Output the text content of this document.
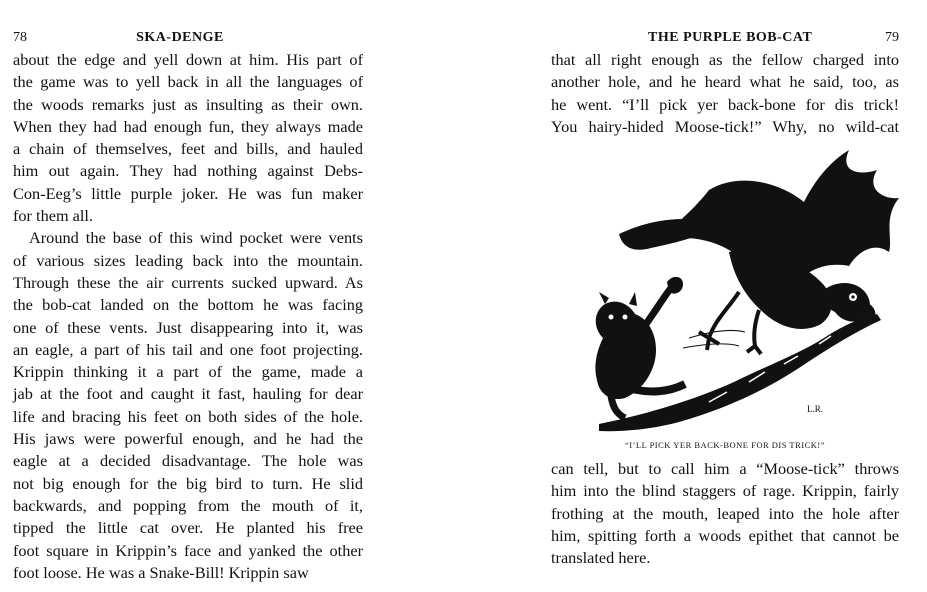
78	SKA-DENGE
about the edge and yell down at him. His part of
the game was to yell back in all the languages of
the woods remarks just as insulting as their own.
When they had had enough fun, they always made
a chain of themselves, feet and bills, and hauled
him out again. They had nothing against Debs-
Con-Eeg’s little purple joker. He was fun maker
for them all.
Around the base of this wind pocket were vents
of various sizes leading back into the mountain.
Through these the air currents sucked upward. As
the bob-cat landed on the bottom he was facing
one of these vents. Just disappearing into it, was
an eagle, a part of his tail and one foot projecting.
Krippin thinking it a part of the game, made a
jab at the foot and caught it fast, hauling for dear
life and bracing his feet on both sides of the hole.
His jaws were powerful enough, and he had the
eagle at a decided disadvantage. The hole was
not big enough for the big bird to turn. He slid
backwards, and popping from the mouth of it,
tipped the little cat over. He planted his free
foot square in Krippin’s face and yanked the other
foot loose. He was a Snake-Bill! Krippin saw
THE PURPLE BOB-CAT	79
that all right enough as the fellow charged into
another hole, and he heard what he said, too, as
he went. “I’ll pick yer back-bone for dis trick!
You hairy-hided Moose-tick!” Why, no wild-cat
L.R.
“I’LL PICK YER BACK-BONE FOR DIS TRICK!”
can tell, but to call him a “Moose-tick” throws
him into the blind staggers of rage. Krippin, fairly
frothing at the mouth, leaped into the hole after
him, spitting forth a woods epithet that cannot be
translated here.
